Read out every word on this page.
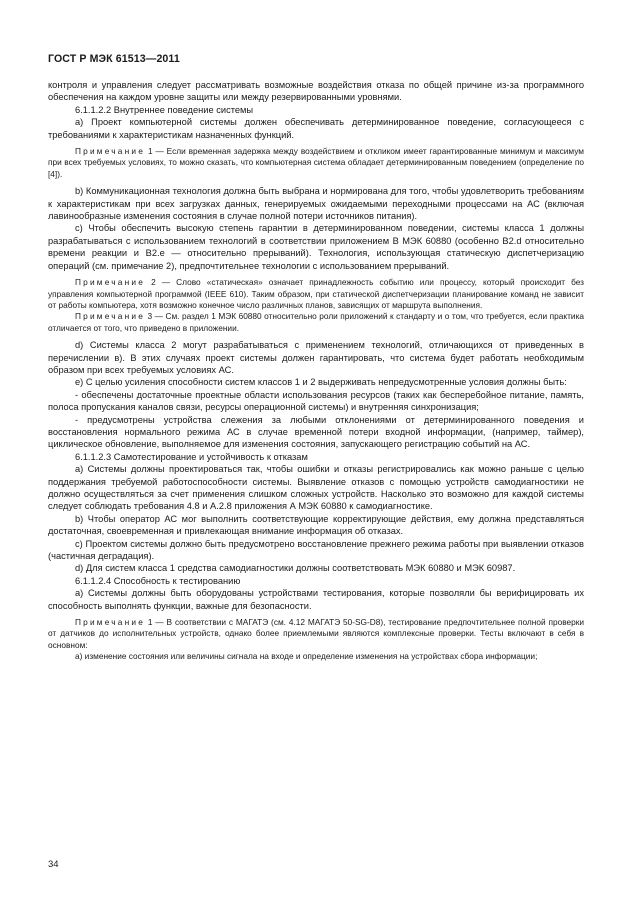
ГОСТ Р МЭК 61513—2011

контроля и управления следует рассматривать возможные воздействия отказа по общей причине из-за программного обеспечения на каждом уровне защиты или между резервированными уровнями.

6.1.1.2.2 Внутреннее поведение системы

a) Проект компьютерной системы должен обеспечивать детерминированное поведение, согласующееся с требованиями к характеристикам назначенных функций.

Примечание 1 — Если временная задержка между воздействием и откликом имеет гарантированные минимум и максимум при всех требуемых условиях, то можно сказать, что компьютерная система обладает детерминированным поведением (определение по [4]).

b) Коммуникационная технология должна быть выбрана и нормирована для того, чтобы удовлетворить требованиям к характеристикам при всех загрузках данных, генерируемых ожидаемыми переходными процессами на АС (включая лавинообразные изменения состояния в случае полной потери источников питания).

c) Чтобы обеспечить высокую степень гарантии в детерминированном поведении, системы класса 1 должны разрабатываться с использованием технологий в соответствии приложением В МЭК 60880 (особенно В2.d относительно времени реакции и В2.е — относительно прерываний). Технология, использующая статическую диспетчеризацию операций (см. примечание 2), предпочтительнее технологии с использованием прерываний.

Примечание 2 — Слово «статическая» означает принадлежность событию или процессу, который происходит без управления компьютерной программой (IEEE 610). Таким образом, при статической диспетчеризации планирование команд не зависит от работы компьютера, хотя возможно конечное число различных планов, зависящих от маршрута выполнения.

Примечание 3 — См. раздел 1 МЭК 60880 относительно роли приложений к стандарту и о том, что требуется, если практика отличается от того, что приведено в приложении.

d) Системы класса 2 могут разрабатываться с применением технологий, отличающихся от приведенных в перечислении в). В этих случаях проект системы должен гарантировать, что система будет работать необходимым образом при всех требуемых условиях АС.

e) С целью усиления способности систем классов 1 и 2 выдерживать непредусмотренные условия должны быть:

- обеспечены достаточные проектные области использования ресурсов (таких как бесперебойное питание, память, полоса пропускания каналов связи, ресурсы операционной системы) и внутренняя синхронизация;

- предусмотрены устройства слежения за любыми отклонениями от детерминированного поведения и восстановления нормального режима АС в случае временной потери входной информации, (например, таймер), циклическое обновление, выполняемое для изменения состояния, запускающего регистрацию событий на АС.

6.1.1.2.3 Самотестирование и устойчивость к отказам

a) Системы должны проектироваться так, чтобы ошибки и отказы регистрировались как можно раньше с целью поддержания требуемой работоспособности системы. Выявление отказов с помощью устройств самодиагностики не должно осуществляться за счет применения слишком сложных устройств. Насколько это возможно для каждой системы следует соблюдать требования 4.8 и А.2.8 приложения А МЭК 60880 к самодиагностике.

b) Чтобы оператор АС мог выполнить соответствующие корректирующие действия, ему должна представляться достаточная, своевременная и привлекающая внимание информация об отказах.

c) Проектом системы должно быть предусмотрено восстановление прежнего режима работы при выявлении отказов (частичная деградация).

d) Для систем класса 1 средства самодиагностики должны соответствовать МЭК 60880 и МЭК 60987.

6.1.1.2.4 Способность к тестированию

a) Системы должны быть оборудованы устройствами тестирования, которые позволяли бы верифицировать их способность выполнять функции, важные для безопасности.

Примечание 1 — В соответствии с МАГАТЭ (см. 4.12 МАГАТЭ 50-SG-D8), тестирование предпочтительнее полной проверки от датчиков до исполнительных устройств, однако более приемлемыми являются комплексные проверки. Тесты включают в себя в основном:

а) изменение состояния или величины сигнала на входе и определение изменения на устройствах сбора информации;

34
